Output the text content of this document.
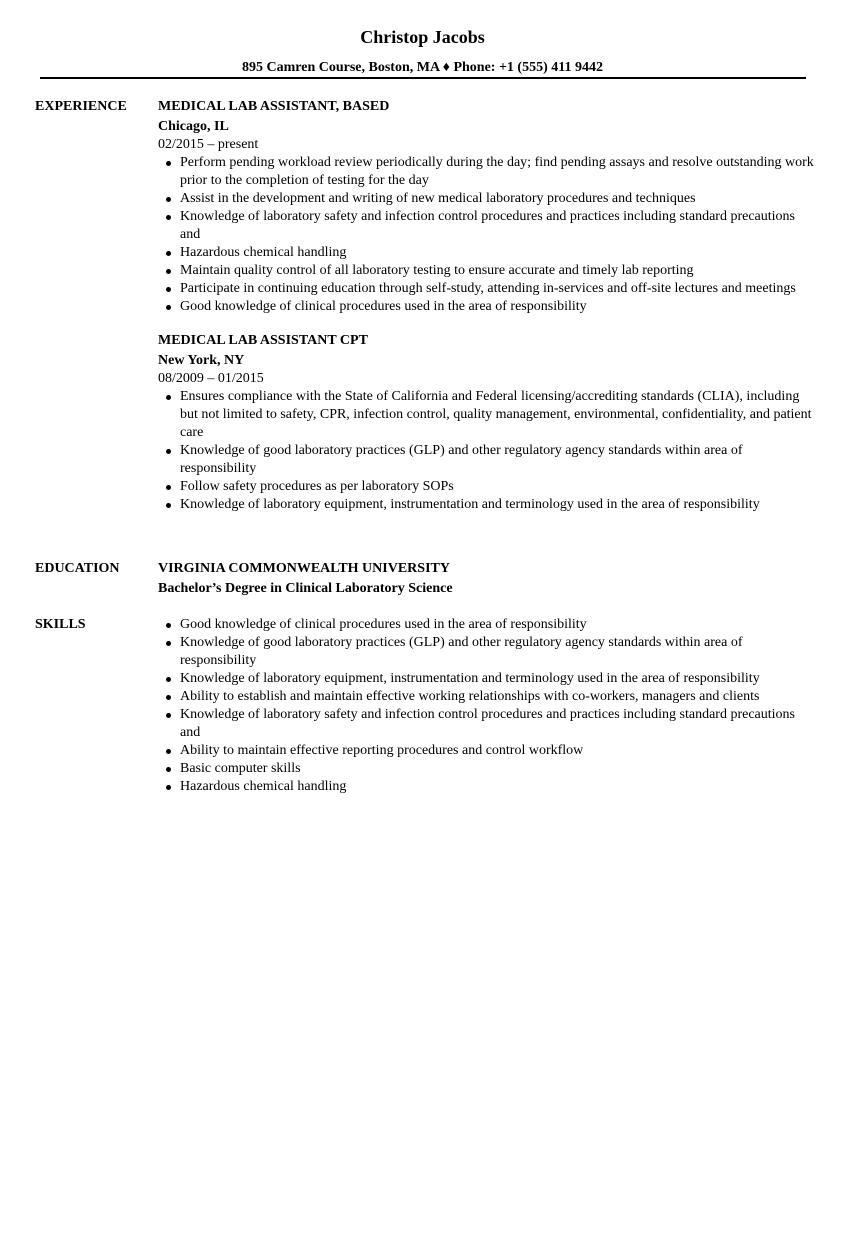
Christop Jacobs
895 Camren Course, Boston, MA ♦ Phone: +1 (555) 411 9442
EXPERIENCE MEDICAL LAB ASSISTANT, BASED
Chicago, IL
02/2015 – present
Perform pending workload review periodically during the day; find pending assays and resolve outstanding work prior to the completion of testing for the day
Assist in the development and writing of new medical laboratory procedures and techniques
Knowledge of laboratory safety and infection control procedures and practices including standard precautions and
Hazardous chemical handling
Maintain quality control of all laboratory testing to ensure accurate and timely lab reporting
Participate in continuing education through self-study, attending in-services and off-site lectures and meetings
Good knowledge of clinical procedures used in the area of responsibility
MEDICAL LAB ASSISTANT CPT
New York, NY
08/2009 – 01/2015
Ensures compliance with the State of California and Federal licensing/accrediting standards (CLIA), including but not limited to safety, CPR, infection control, quality management, environmental, confidentiality, and patient care
Knowledge of good laboratory practices (GLP) and other regulatory agency standards within area of responsibility
Follow safety procedures as per laboratory SOPs
Knowledge of laboratory equipment, instrumentation and terminology used in the area of responsibility
EDUCATION	VIRGINIA COMMONWEALTH UNIVERSITY
Bachelor’s Degree in Clinical Laboratory Science
SKILLS	Good knowledge of clinical procedures used in the area of responsibility
Knowledge of good laboratory practices (GLP) and other regulatory agency standards within area of responsibility
Knowledge of laboratory equipment, instrumentation and terminology used in the area of responsibility
Ability to establish and maintain effective working relationships with co-workers, managers and clients
Knowledge of laboratory safety and infection control procedures and practices including standard precautions and
Ability to maintain effective reporting procedures and control workflow
Basic computer skills
Hazardous chemical handling
